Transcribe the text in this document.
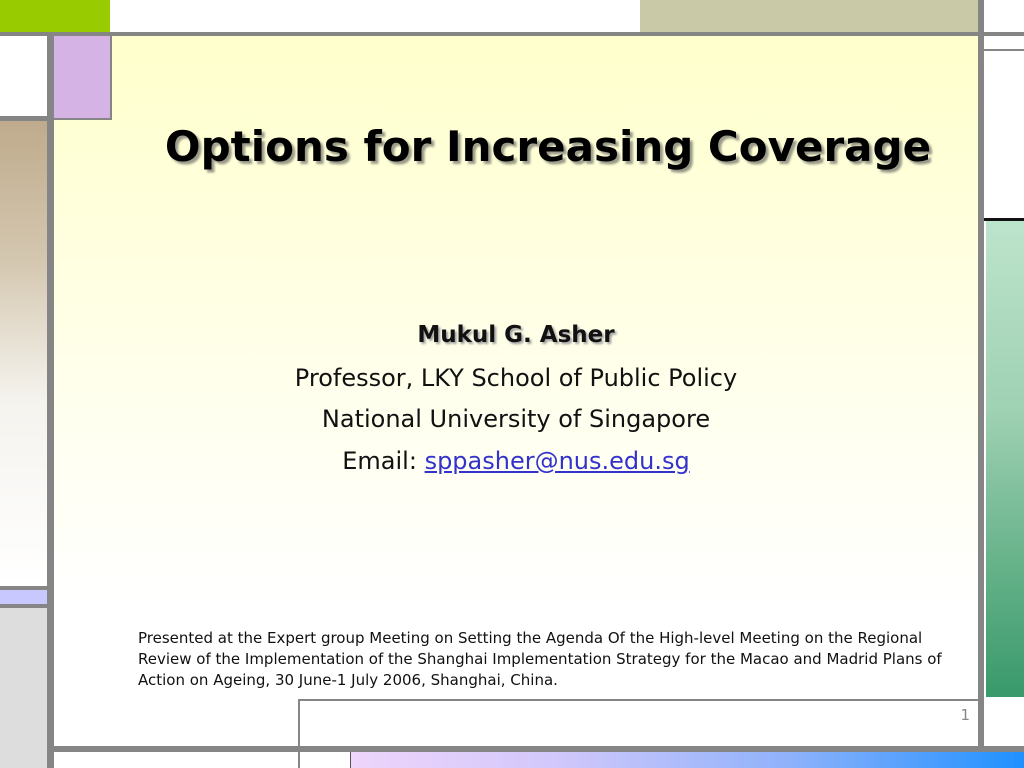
Options for Increasing Coverage
Mukul G. Asher
Professor, LKY School of Public Policy
National University of Singapore
Email: sppasher@nus.edu.sg
Presented at the Expert group Meeting on Setting the Agenda Of the High-level Meeting on the Regional Review of the Implementation of the Shanghai Implementation Strategy for the Macao and Madrid Plans of Action on Ageing, 30 June-1 July 2006, Shanghai, China.
1
